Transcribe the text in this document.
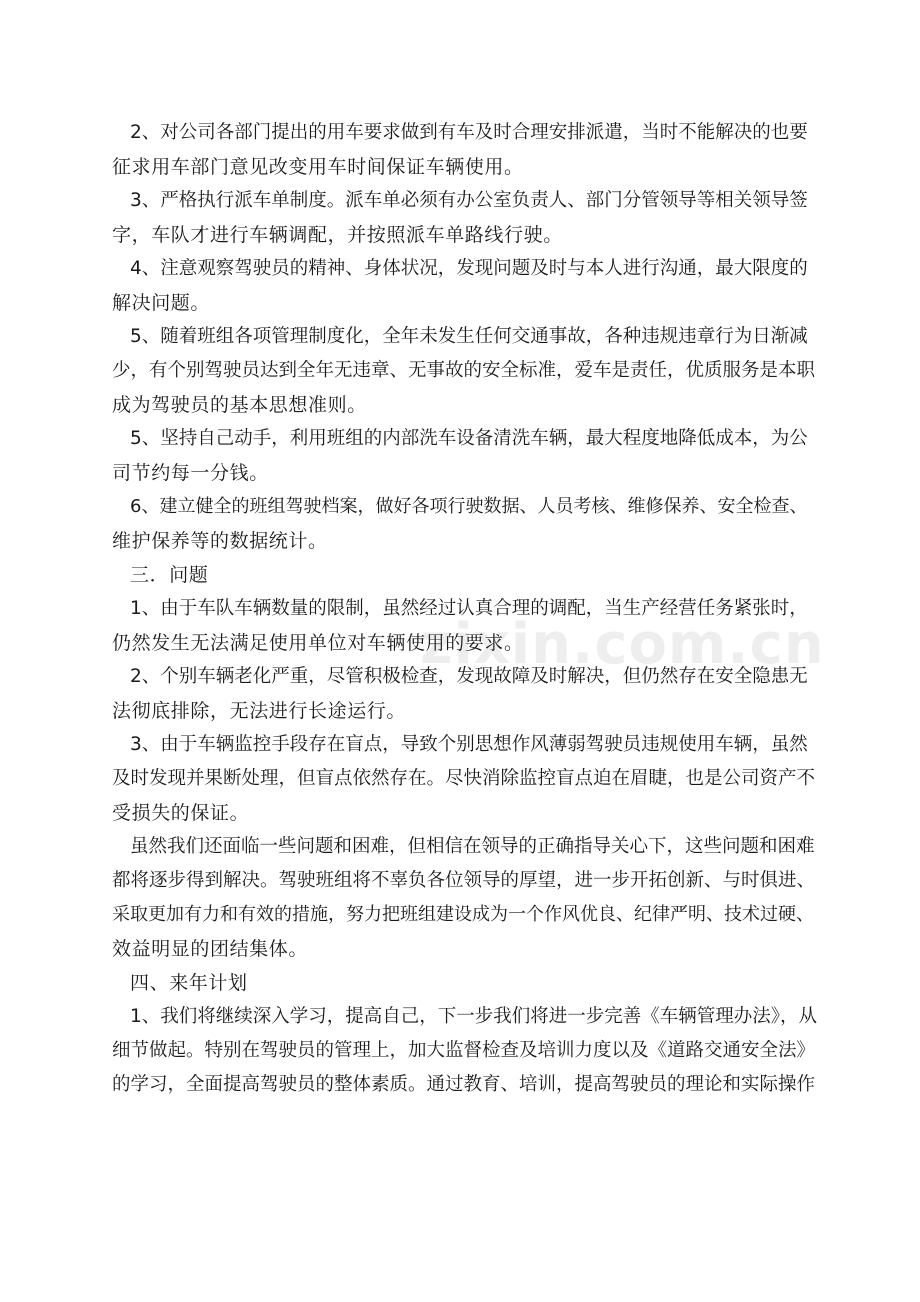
2、对公司各部门提出的用车要求做到有车及时合理安排派遣，当时不能解决的也要
征求用车部门意见改变用车时间保证车辆使用。
3、严格执行派车单制度。派车单必须有办公室负责人、部门分管领导等相关领导签
字，车队才进行车辆调配，并按照派车单路线行驶。
4、注意观察驾驶员的精神、身体状况，发现问题及时与本人进行沟通，最大限度的
解决问题。
5、随着班组各项管理制度化，全年未发生任何交通事故，各种违规违章行为日渐减
少，有个别驾驶员达到全年无违章、无事故的安全标准，爱车是责任，优质服务是本职
成为驾驶员的基本思想准则。
5、坚持自己动手，利用班组的内部洗车设备清洗车辆，最大程度地降低成本，为公
司节约每一分钱。
6、建立健全的班组驾驶档案，做好各项行驶数据、人员考核、维修保养、安全检查、
维护保养等的数据统计。
三．问题
1、由于车队车辆数量的限制，虽然经过认真合理的调配，当生产经营任务紧张时，
仍然发生无法满足使用单位对车辆使用的要求。
2、个别车辆老化严重，尽管积极检查，发现故障及时解决，但仍然存在安全隐患无
法彻底排除，无法进行长途运行。
3、由于车辆监控手段存在盲点，导致个别思想作风薄弱驾驶员违规使用车辆，虽然
及时发现并果断处理，但盲点依然存在。尽快消除监控盲点迫在眉睫，也是公司资产不
受损失的保证。
虽然我们还面临一些问题和困难，但相信在领导的正确指导关心下，这些问题和困难
都将逐步得到解决。驾驶班组将不辜负各位领导的厚望，进一步开拓创新、与时俱进、
采取更加有力和有效的措施，努力把班组建设成为一个作风优良、纪律严明、技术过硬、
效益明显的团结集体。
四、来年计划
1、我们将继续深入学习，提高自己，下一步我们将进一步完善《车辆管理办法》，从
细节做起。特别在驾驶员的管理上，加大监督检查及培训力度以及《道路交通安全法》
的学习，全面提高驾驶员的整体素质。通过教育、培训，提高驾驶员的理论和实际操作
zixin.com.cn
